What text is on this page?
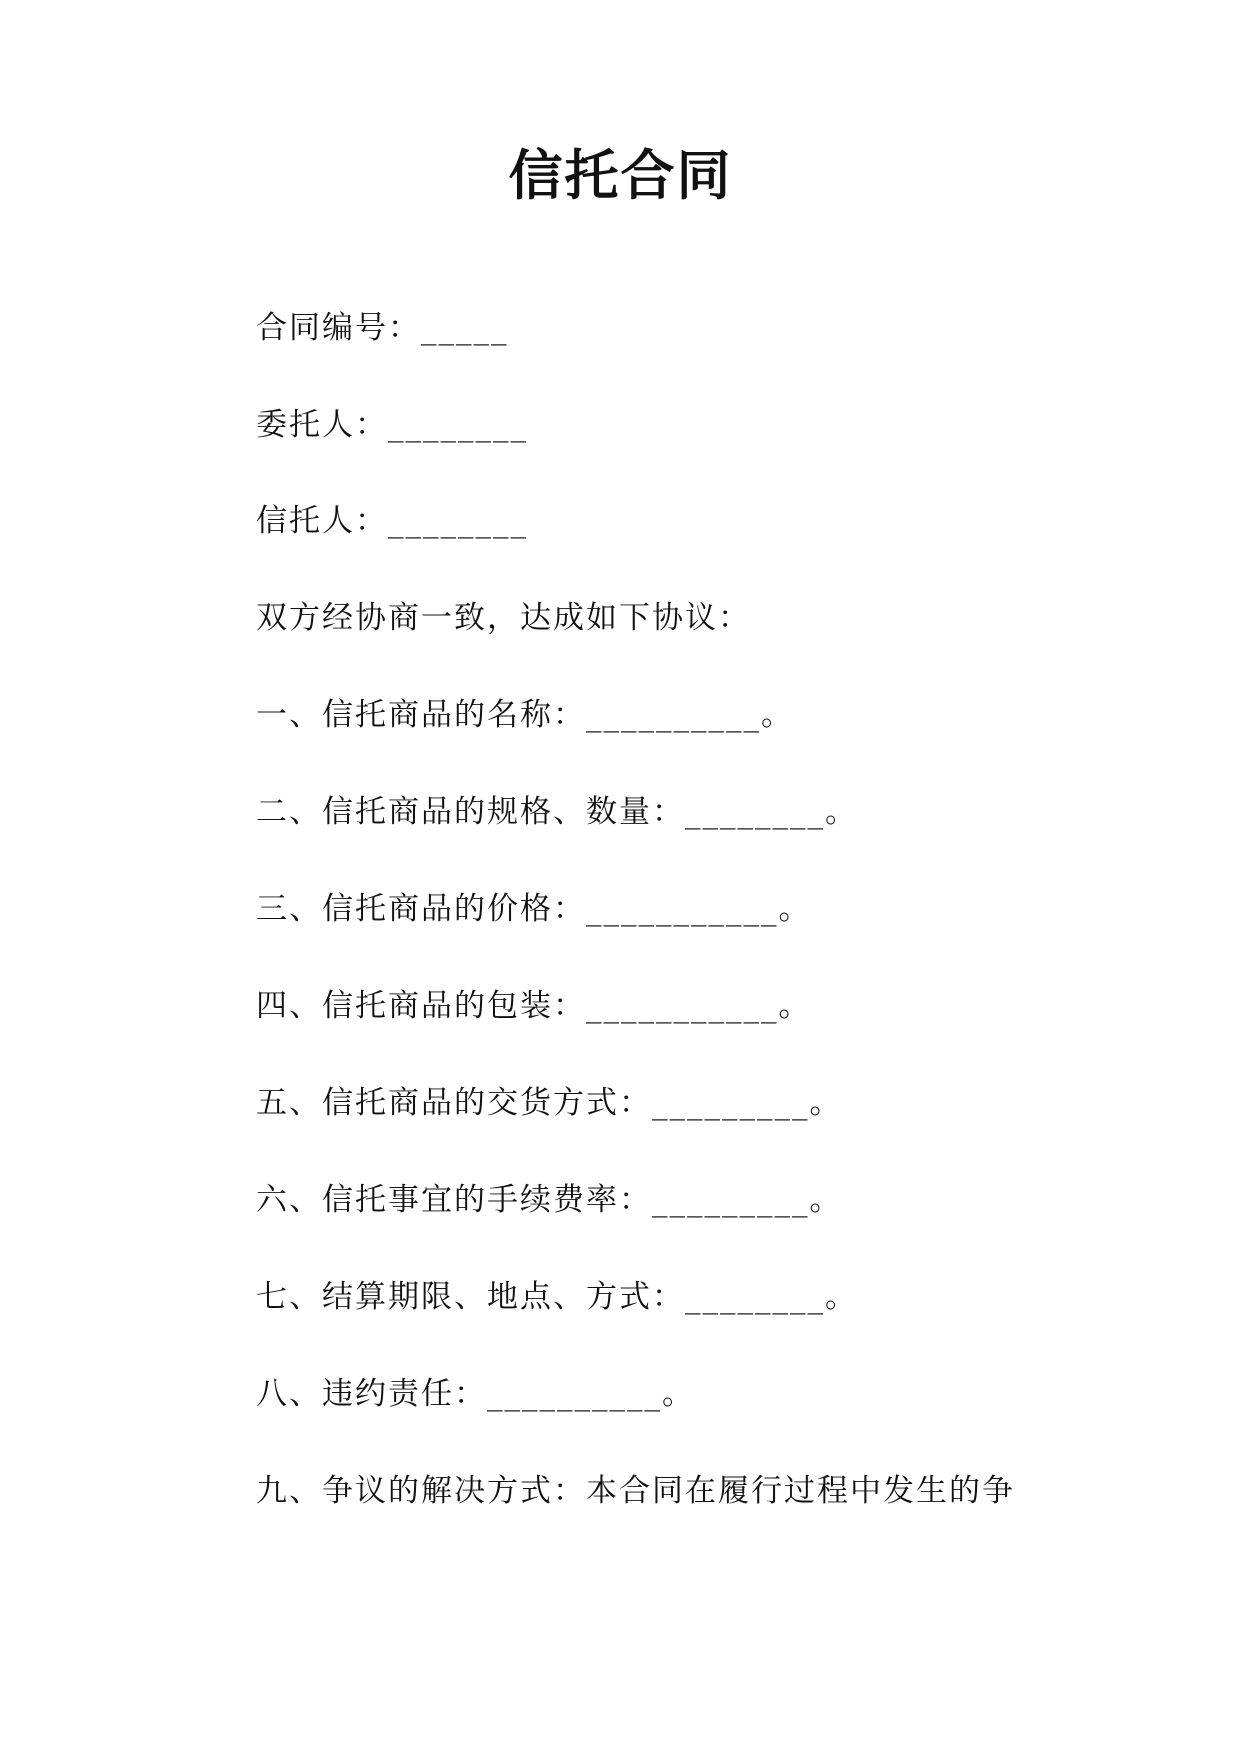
信托合同
合同编号：_____
委托人：________
信托人：________
双方经协商一致，达成如下协议：
一、信托商品的名称：__________。
二、信托商品的规格、数量：________。
三、信托商品的价格：___________。
四、信托商品的包装：___________。
五、信托商品的交货方式：_________。
六、信托事宜的手续费率：_________。
七、结算期限、地点、方式：________。
八、违约责任：__________。
九、争议的解决方式：本合同在履行过程中发生的争
